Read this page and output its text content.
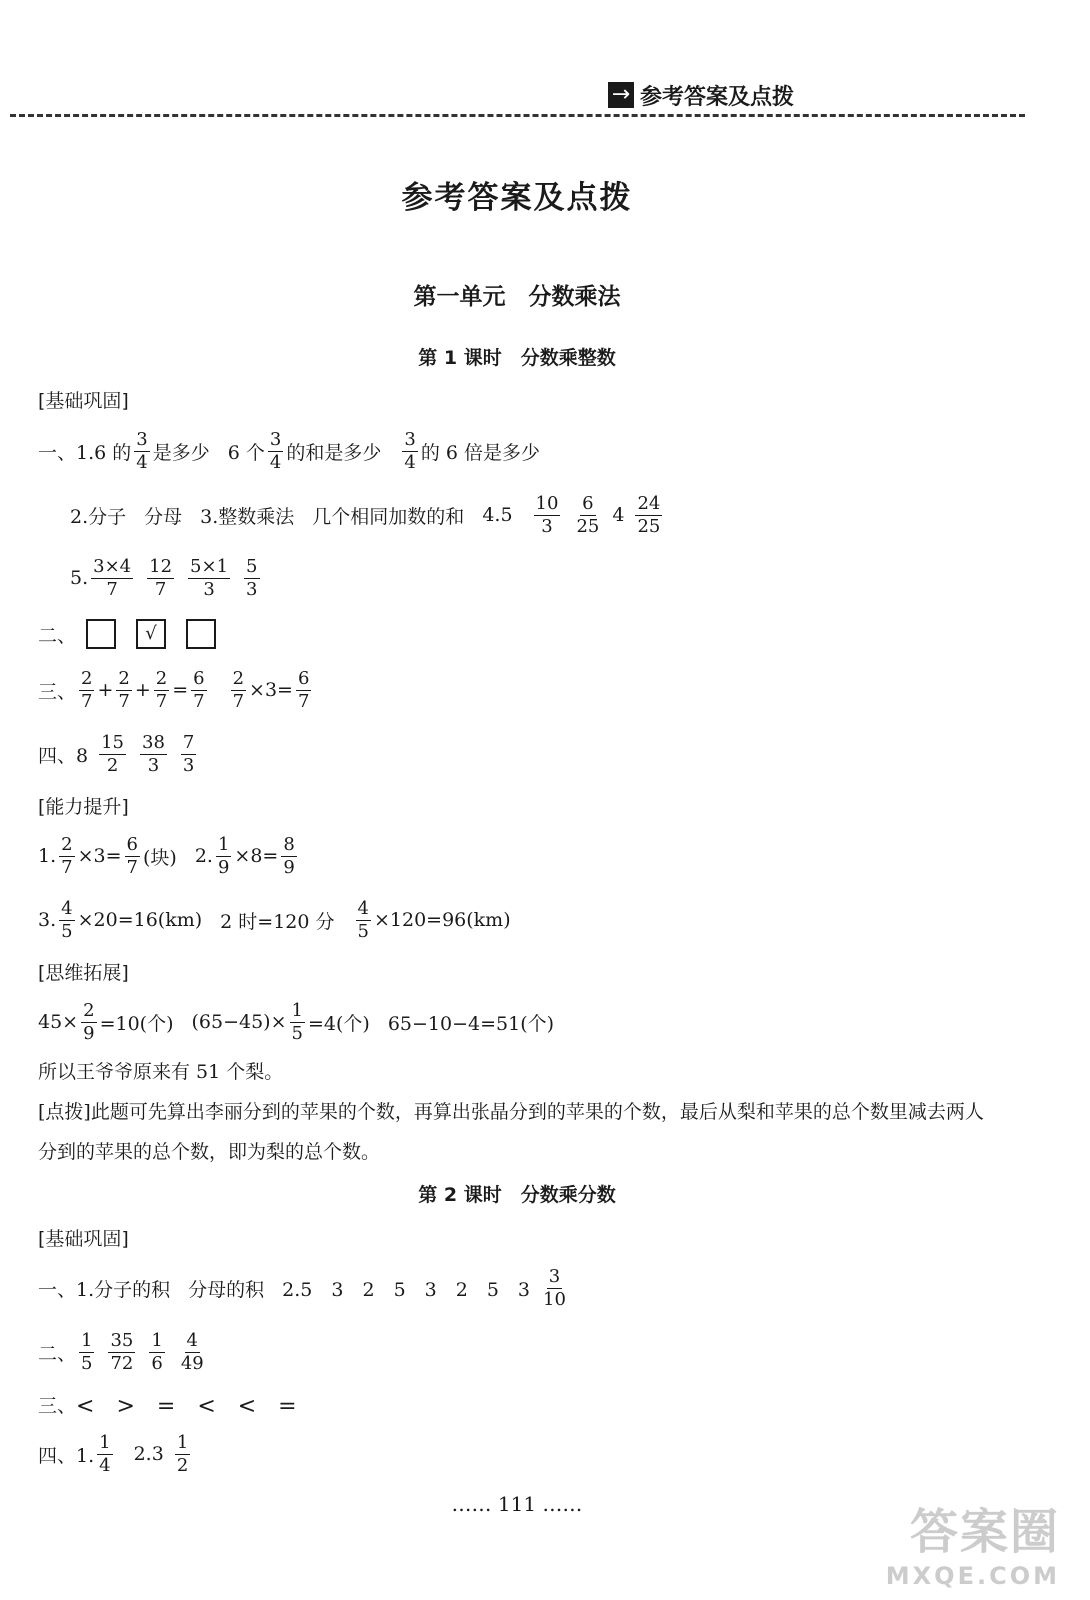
→ 参考答案及点拨
参考答案及点拨
第一单元　分数乘法
第 1 课时　分数乘整数
[基础巩固]
一、1. 6 的 $\frac{3}{4}$ 是多少 6 个 $\frac{3}{4}$ 的和是多少 $\frac{3}{4}$ 的 6 倍是多少
2.分子 分母 3.整数乘法 几个相同加数的和 $4.5 \frac{10}{3} \frac{6}{25} 4 \frac{24}{25}$
5. $\frac{3\times 4}{7} \frac{12}{7} \frac{5\times 1}{3} \frac{5}{3}$
二、	√
三、 $\frac{2}{7} + \frac{2}{7} + \frac{2}{7} = \frac{6}{7} \frac{2}{7} \times 3= \frac{6}{7}$
四、$8 \frac{15}{2} \frac{38}{3} \frac{7}{3}$
[能力提升]
1. $\frac{2}{7} \times 3= \frac{6}{7}$ (块) 2. $\frac{1}{9} \times 8= \frac{8}{9}$
3. $\frac{4}{5} \times 20=16(km)$ 2 时=120 分 $\frac{4}{5} \times 120=96(km)$
[思维拓展]
$45\times \frac{2}{9} =10$(个) $(65-45)\times \frac{1}{5} =4$(个) 65−10−4=51(个)
所以王爷爷原来有 51 个梨。
[点拨]此题可先算出李丽分到的苹果的个数，再算出张晶分到的苹果的个数，最后从梨和苹果的总个数里减去两人分到的苹果的总个数，即为梨的总个数。
第 2 课时　分数乘分数
[基础巩固]
一、1. 分子的积 分母的积 2.5　3　2　5　3　2　5　$3 \frac{3}{10}$
二、 $\frac{1}{5} \frac{35}{72} \frac{1}{6} \frac{4}{49}$
三、 <　>　=　<　<　=
四、1. $\frac{1}{4} 2.3 \frac{1}{2}$
…… 111 ……	答案圈
MXQE.COM
